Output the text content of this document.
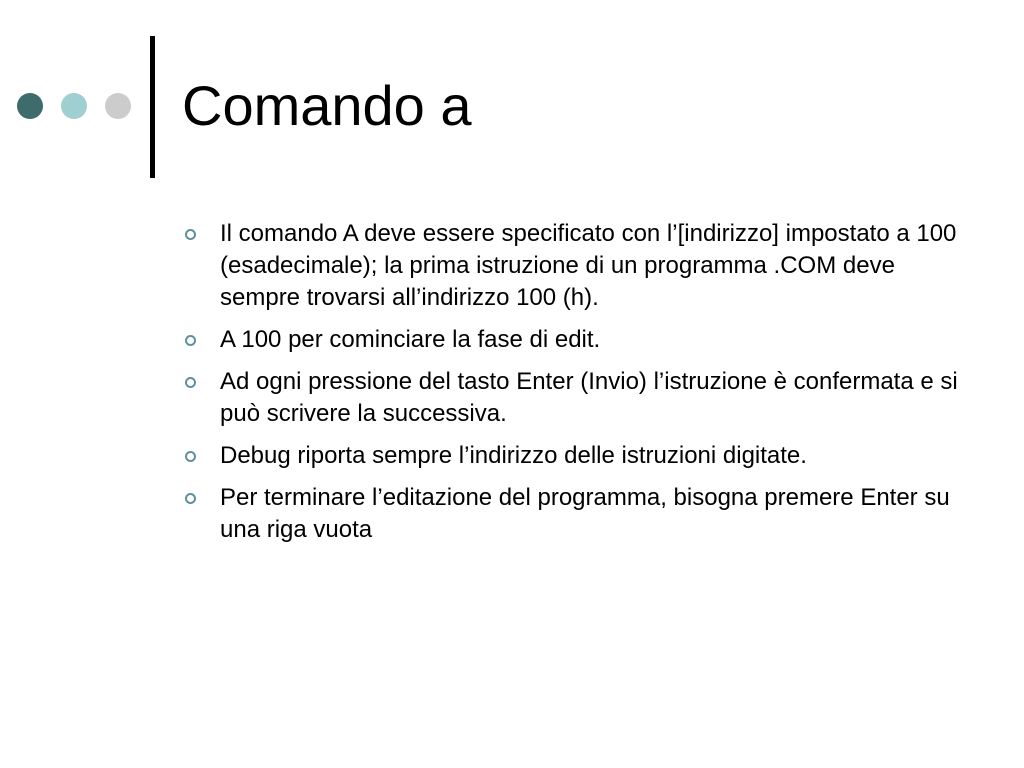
Comando a
Il comando A deve essere specificato con l’[indirizzo] impostato a 100 (esadecimale); la prima istruzione di un programma .COM deve sempre trovarsi all’indirizzo 100 (h).
A 100 per cominciare la fase di edit.
Ad ogni pressione del tasto Enter (Invio) l’istruzione è confermata e si può scrivere la successiva.
Debug riporta sempre l’indirizzo delle istruzioni digitate.
Per terminare l’editazione del programma, bisogna premere Enter su una riga vuota
